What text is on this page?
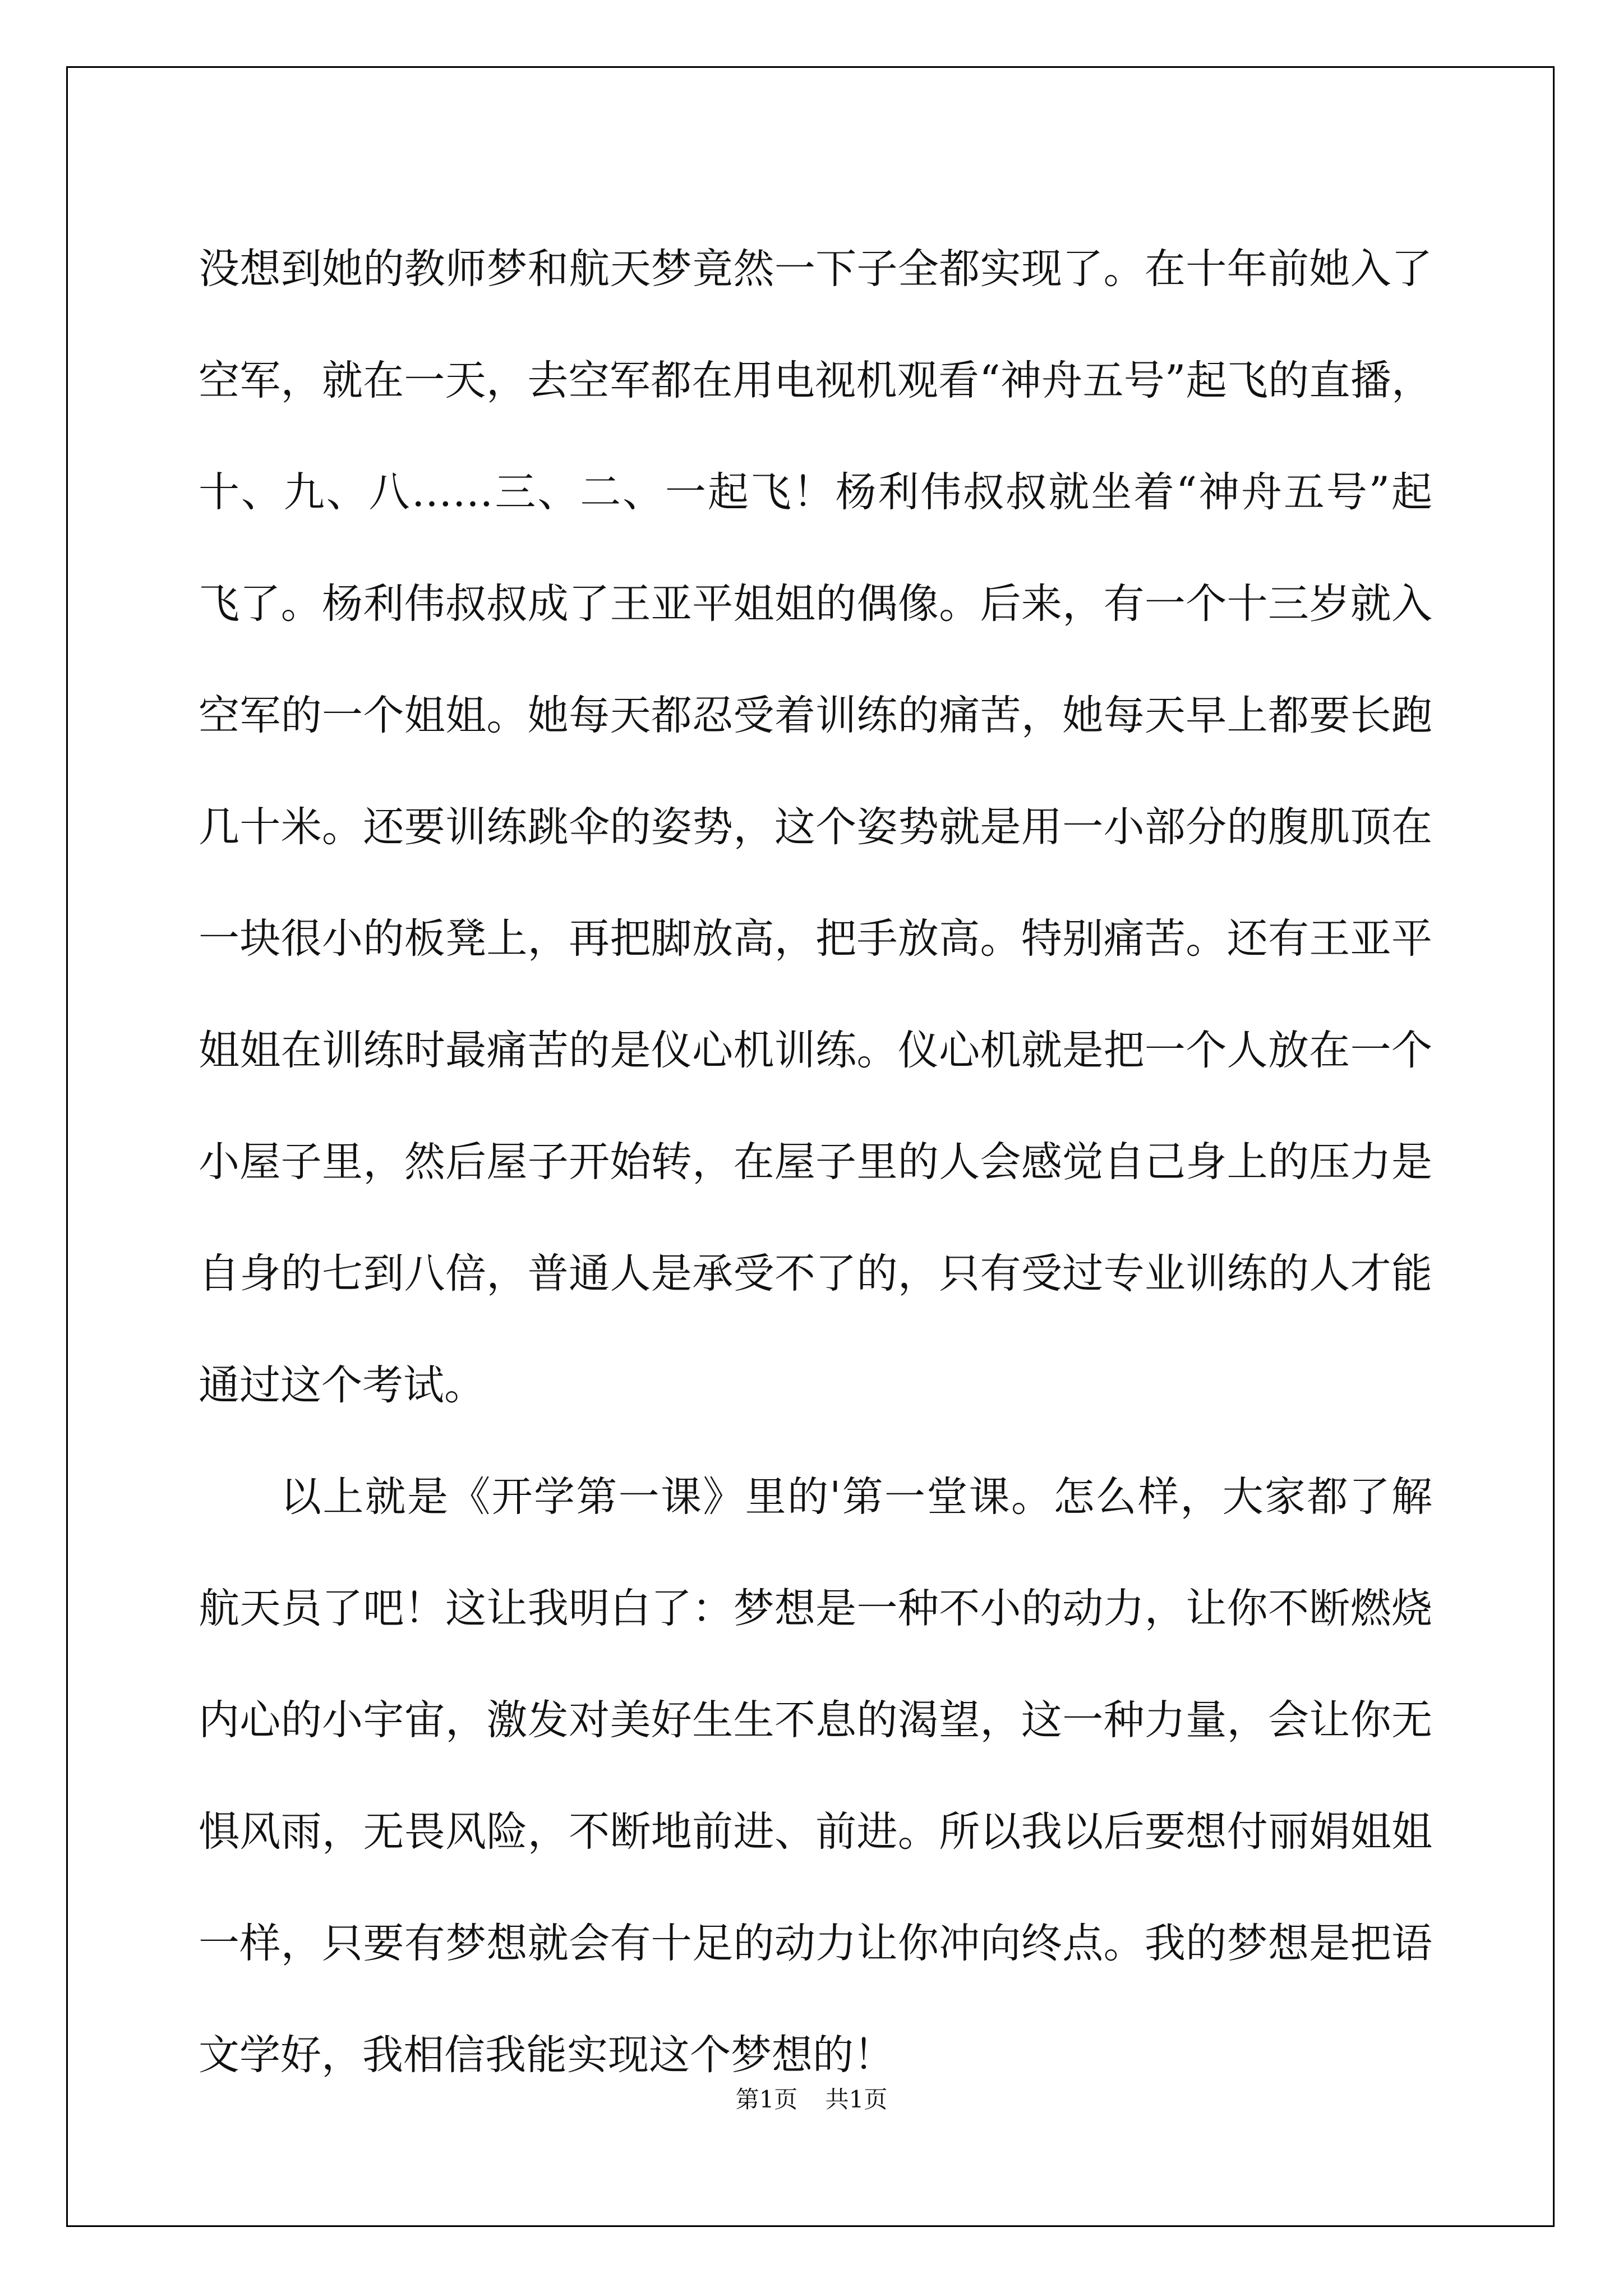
没想到她的教师梦和航天梦竟然一下子全都实现了。在十年前她入了
空军，就在一天，去空军都在用电视机观看“神舟五号”起飞的直播，
十、九、八……三、二、一起飞！杨利伟叔叔就坐着“神舟五号”起
飞了。杨利伟叔叔成了王亚平姐姐的偶像。后来，有一个十三岁就入
空军的一个姐姐。她每天都忍受着训练的痛苦，她每天早上都要长跑
几十米。还要训练跳伞的姿势，这个姿势就是用一小部分的腹肌顶在
一块很小的板凳上，再把脚放高，把手放高。特别痛苦。还有王亚平
姐姐在训练时最痛苦的是仪心机训练。仪心机就是把一个人放在一个
小屋子里，然后屋子开始转，在屋子里的人会感觉自己身上的压力是
自身的七到八倍，普通人是承受不了的，只有受过专业训练的人才能
通过这个考试。
以上就是《开学第一课》里的'第一堂课。怎么样，大家都了解
航天员了吧！这让我明白了：梦想是一种不小的动力，让你不断燃烧
内心的小宇宙，激发对美好生生不息的渴望，这一种力量，会让你无
惧风雨，无畏风险，不断地前进、前进。所以我以后要想付丽娟姐姐
一样，只要有梦想就会有十足的动力让你冲向终点。我的梦想是把语
文学好，我相信我能实现这个梦想的！
第1页 共1页
